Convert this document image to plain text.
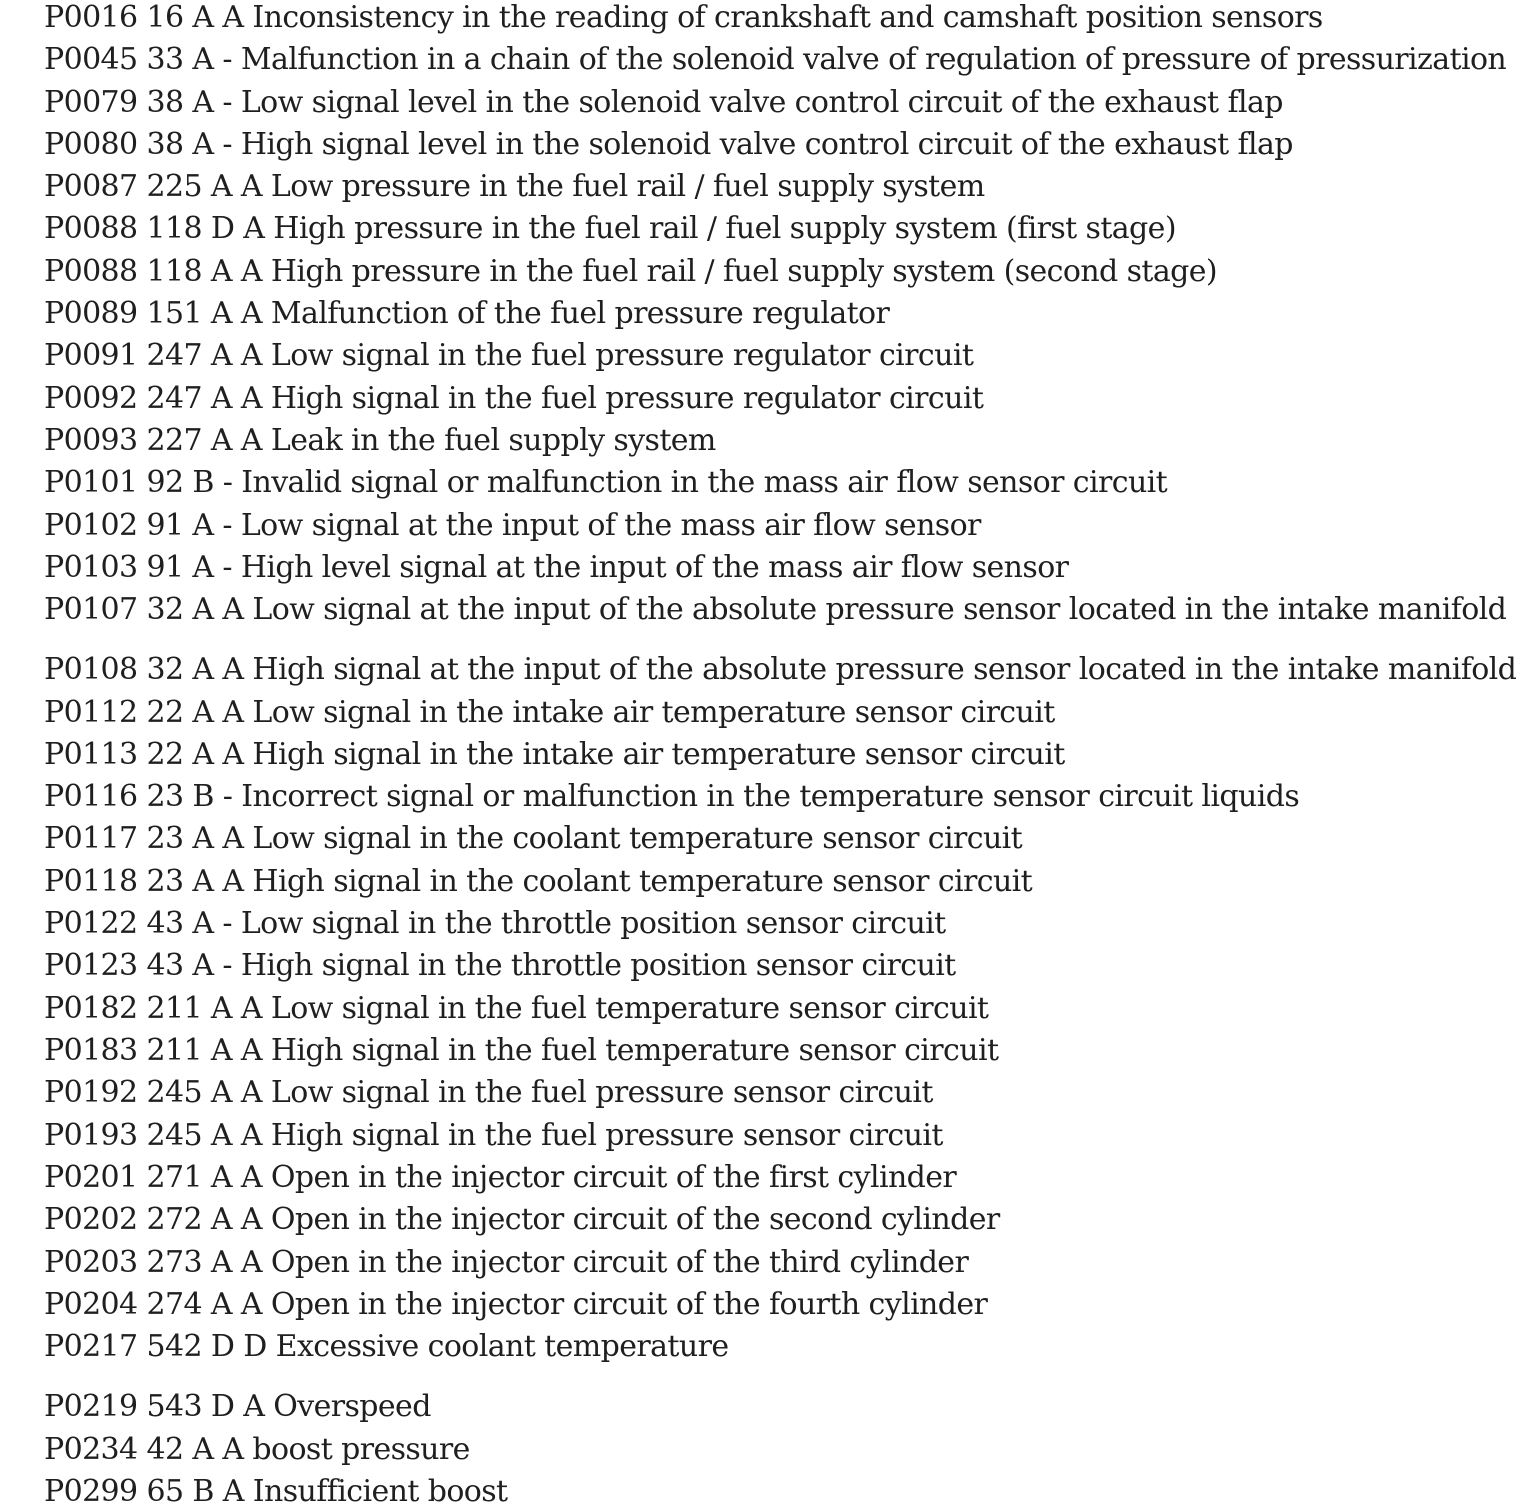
P0016 16 A A Inconsistency in the reading of crankshaft and camshaft position sensors
P0045 33 A - Malfunction in a chain of the solenoid valve of regulation of pressure of pressurization
P0079 38 A - Low signal level in the solenoid valve control circuit of the exhaust flap
P0080 38 A - High signal level in the solenoid valve control circuit of the exhaust flap
P0087 225 A A Low pressure in the fuel rail / fuel supply system
P0088 118 D A High pressure in the fuel rail / fuel supply system (first stage)
P0088 118 A A High pressure in the fuel rail / fuel supply system (second stage)
P0089 151 A A Malfunction of the fuel pressure regulator
P0091 247 A A Low signal in the fuel pressure regulator circuit
P0092 247 A A High signal in the fuel pressure regulator circuit
P0093 227 A A Leak in the fuel supply system
P0101 92 B - Invalid signal or malfunction in the mass air flow sensor circuit
P0102 91 A - Low signal at the input of the mass air flow sensor
P0103 91 A - High level signal at the input of the mass air flow sensor
P0107 32 A A Low signal at the input of the absolute pressure sensor located in the intake manifold
P0108 32 A A High signal at the input of the absolute pressure sensor located in the intake manifold
P0112 22 A A Low signal in the intake air temperature sensor circuit
P0113 22 A A High signal in the intake air temperature sensor circuit
P0116 23 B - Incorrect signal or malfunction in the temperature sensor circuit liquids
P0117 23 A A Low signal in the coolant temperature sensor circuit
P0118 23 A A High signal in the coolant temperature sensor circuit
P0122 43 A - Low signal in the throttle position sensor circuit
P0123 43 A - High signal in the throttle position sensor circuit
P0182 211 A A Low signal in the fuel temperature sensor circuit
P0183 211 A A High signal in the fuel temperature sensor circuit
P0192 245 A A Low signal in the fuel pressure sensor circuit
P0193 245 A A High signal in the fuel pressure sensor circuit
P0201 271 A A Open in the injector circuit of the first cylinder
P0202 272 A A Open in the injector circuit of the second cylinder
P0203 273 A A Open in the injector circuit of the third cylinder
P0204 274 A A Open in the injector circuit of the fourth cylinder
P0217 542 D D Excessive coolant temperature
P0219 543 D A Overspeed
P0234 42 A A boost pressure
P0299 65 B A Insufficient boost
